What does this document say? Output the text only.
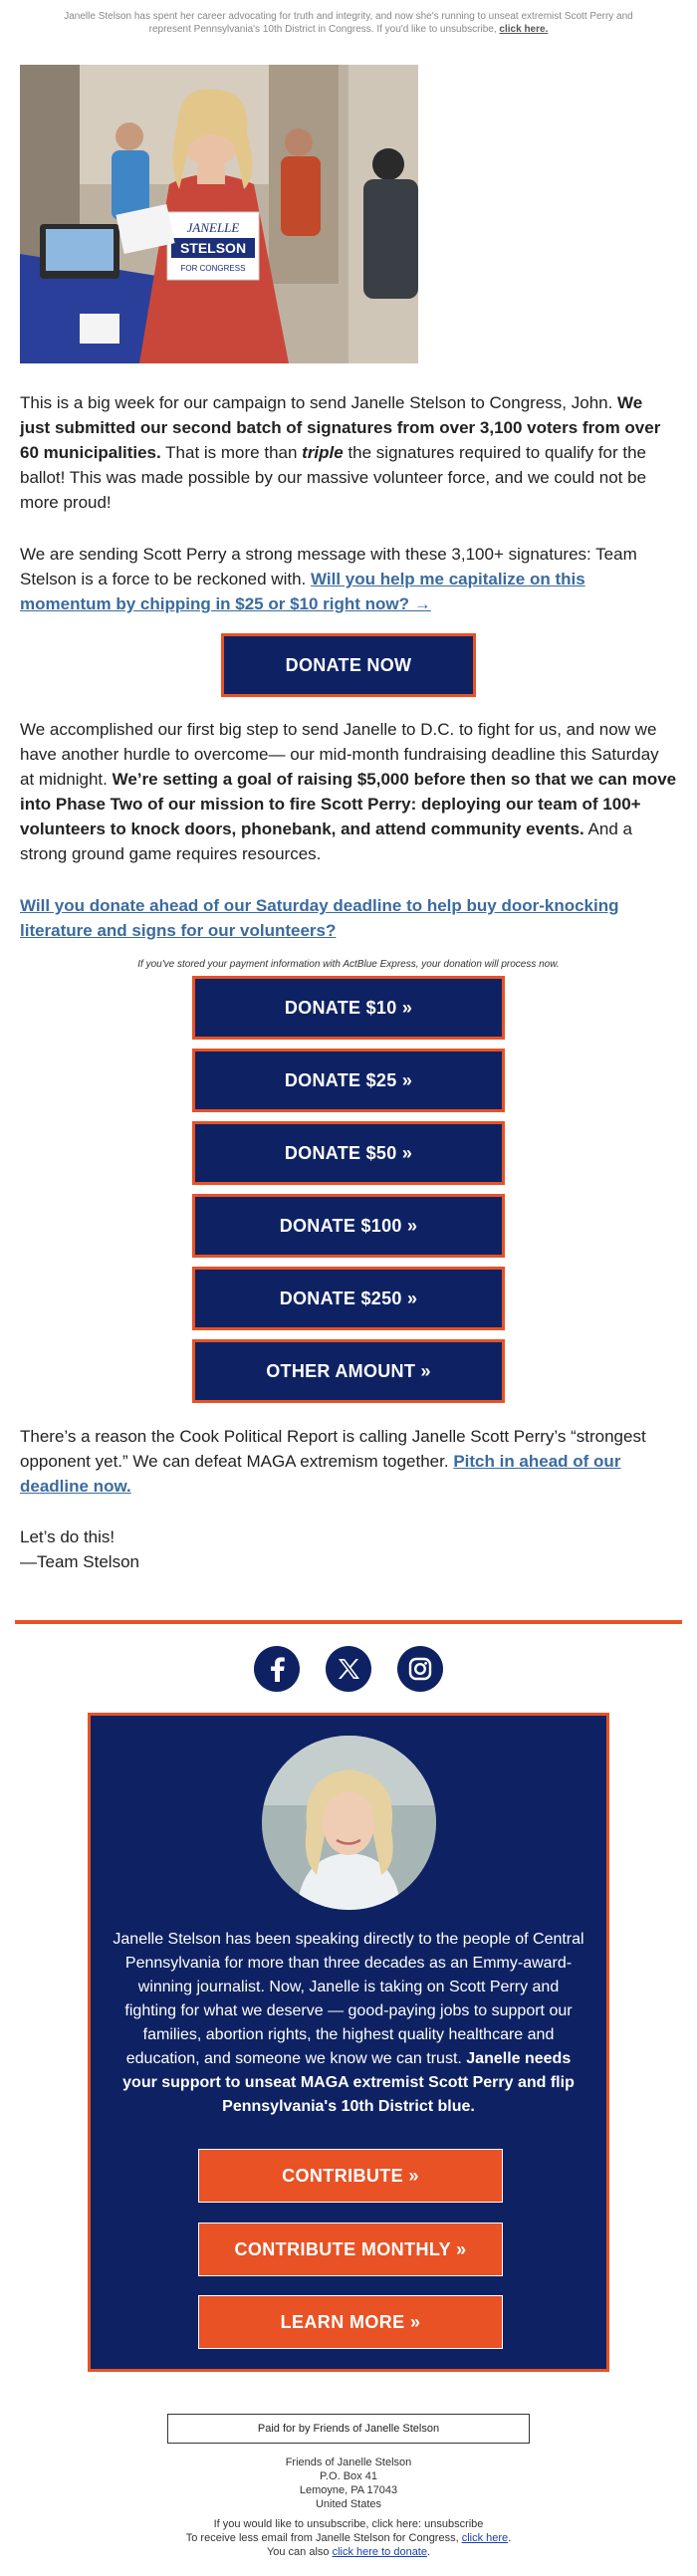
Janelle Stelson has spent her career advocating for truth and integrity, and now she's running to unseat extremist Scott Perry and represent Pennsylvania's 10th District in Congress. If you'd like to unsubscribe, click here.
JANELLE
STELSON
FOR CONGRESS

This is a big week for our campaign to send Janelle Stelson to Congress, John. We just submitted our second batch of signatures from over 3,100 voters from over 60 municipalities. That is more than triple the signatures required to qualify for the ballot! This was made possible by our massive volunteer force, and we could not be more proud!

We are sending Scott Perry a strong message with these 3,100+ signatures: Team Stelson is a force to be reckoned with. Will you help me capitalize on this momentum by chipping in $25 or $10 right now? →

DONATE NOW

We accomplished our first big step to send Janelle to D.C. to fight for us, and now we have another hurdle to overcome— our mid-month fundraising deadline this Saturday at midnight. We’re setting a goal of raising $5,000 before then so that we can move into Phase Two of our mission to fire Scott Perry: deploying our team of 100+ volunteers to knock doors, phonebank, and attend community events. And a strong ground game requires resources.

Will you donate ahead of our Saturday deadline to help buy door-knocking literature and signs for our volunteers?

If you've stored your payment information with ActBlue Express, your donation will process now.

DONATE $10 »
DONATE $25 »
DONATE $50 »
DONATE $100 »
DONATE $250 »
OTHER AMOUNT »

There’s a reason the Cook Political Report is calling Janelle Scott Perry’s “strongest opponent yet.” We can defeat MAGA extremism together. Pitch in ahead of our deadline now.

Let’s do this!
—Team Stelson

Janelle Stelson has been speaking directly to the people of Central Pennsylvania for more than three decades as an Emmy-award-winning journalist. Now, Janelle is taking on Scott Perry and fighting for what we deserve — good-paying jobs to support our families, abortion rights, the highest quality healthcare and education, and someone we know we can trust. Janelle needs your support to unseat MAGA extremist Scott Perry and flip Pennsylvania's 10th District blue.

CONTRIBUTE »
CONTRIBUTE MONTHLY »
LEARN MORE »
Paid for by Friends of Janelle Stelson
Friends of Janelle Stelson
P.O. Box 41
Lemoyne, PA 17043
United States
If you would like to unsubscribe, click here: unsubscribe
To receive less email from Janelle Stelson for Congress, click here.
You can also click here to donate.
